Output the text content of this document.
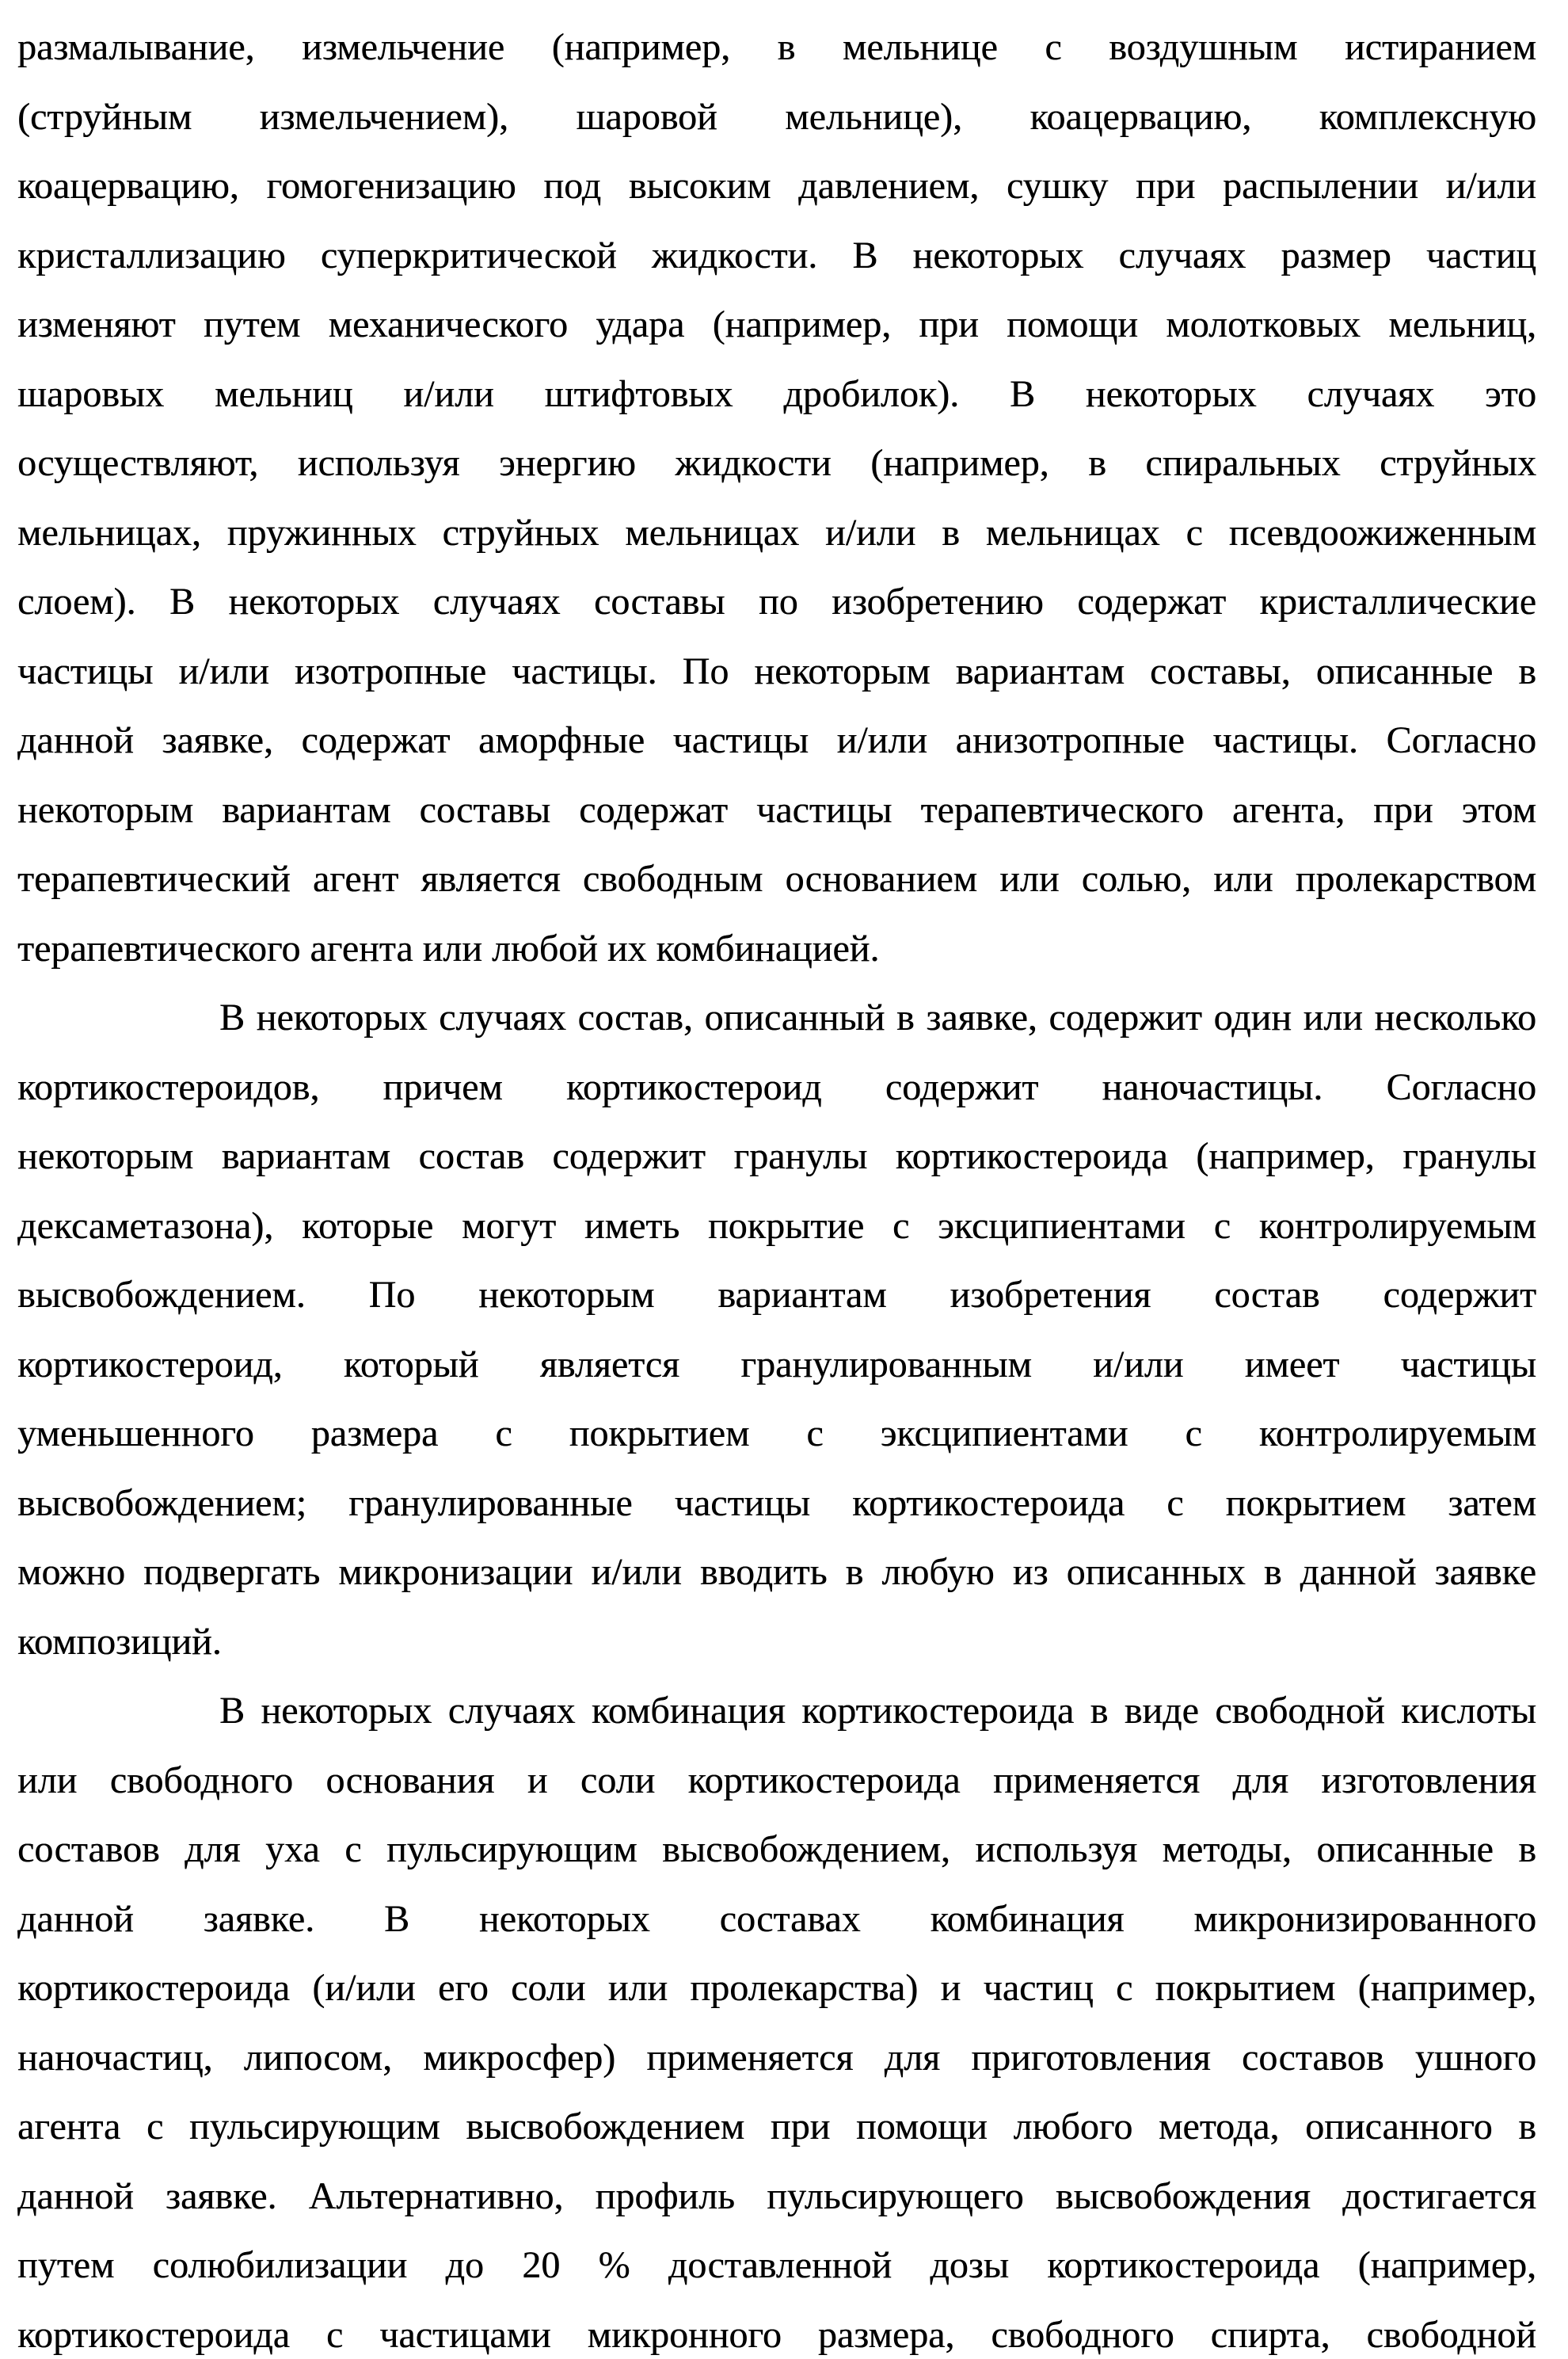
размалывание, измельчение (например, в мельнице с воздушным истиранием
(струйным измельчением), шаровой мельнице), коацервацию, комплексную
коацервацию, гомогенизацию под высоким давлением, сушку при распылении и/или
кристаллизацию суперкритической жидкости. В некоторых случаях размер частиц
изменяют путем механического удара (например, при помощи молотковых мельниц,
шаровых мельниц и/или штифтовых дробилок). В некоторых случаях это
осуществляют, используя энергию жидкости (например, в спиральных струйных
мельницах, пружинных струйных мельницах и/или в мельницах с псевдоожиженным
слоем). В некоторых случаях составы по изобретению содержат кристаллические
частицы и/или изотропные частицы. По некоторым вариантам составы, описанные в
данной заявке, содержат аморфные частицы и/или анизотропные частицы. Согласно
некоторым вариантам составы содержат частицы терапевтического агента, при этом
терапевтический агент является свободным основанием или солью, или пролекарством
терапевтического агента или любой их комбинацией.
В некоторых случаях состав, описанный в заявке, содержит один или несколько
кортикостероидов, причем кортикостероид содержит наночастицы. Согласно
некоторым вариантам состав содержит гранулы кортикостероида (например, гранулы
дексаметазона), которые могут иметь покрытие с эксципиентами с контролируемым
высвобождением. По некоторым вариантам изобретения состав содержит
кортикостероид, который является гранулированным и/или имеет частицы
уменьшенного размера с покрытием с эксципиентами с контролируемым
высвобождением; гранулированные частицы кортикостероида с покрытием затем
можно подвергать микронизации и/или вводить в любую из описанных в данной заявке
композиций.
В некоторых случаях комбинация кортикостероида в виде свободной кислоты
или свободного основания и соли кортикостероида применяется для изготовления
составов для уха с пульсирующим высвобождением, используя методы, описанные в
данной заявке. В некоторых составах комбинация микронизированного
кортикостероида (и/или его соли или пролекарства) и частиц с покрытием (например,
наночастиц, липосом, микросфер) применяется для приготовления составов ушного
агента с пульсирующим высвобождением при помощи любого метода, описанного в
данной заявке. Альтернативно, профиль пульсирующего высвобождения достигается
путем солюбилизации до 20 % доставленной дозы кортикостероида (например,
кортикостероида с частицами микронного размера, свободного спирта, свободной
